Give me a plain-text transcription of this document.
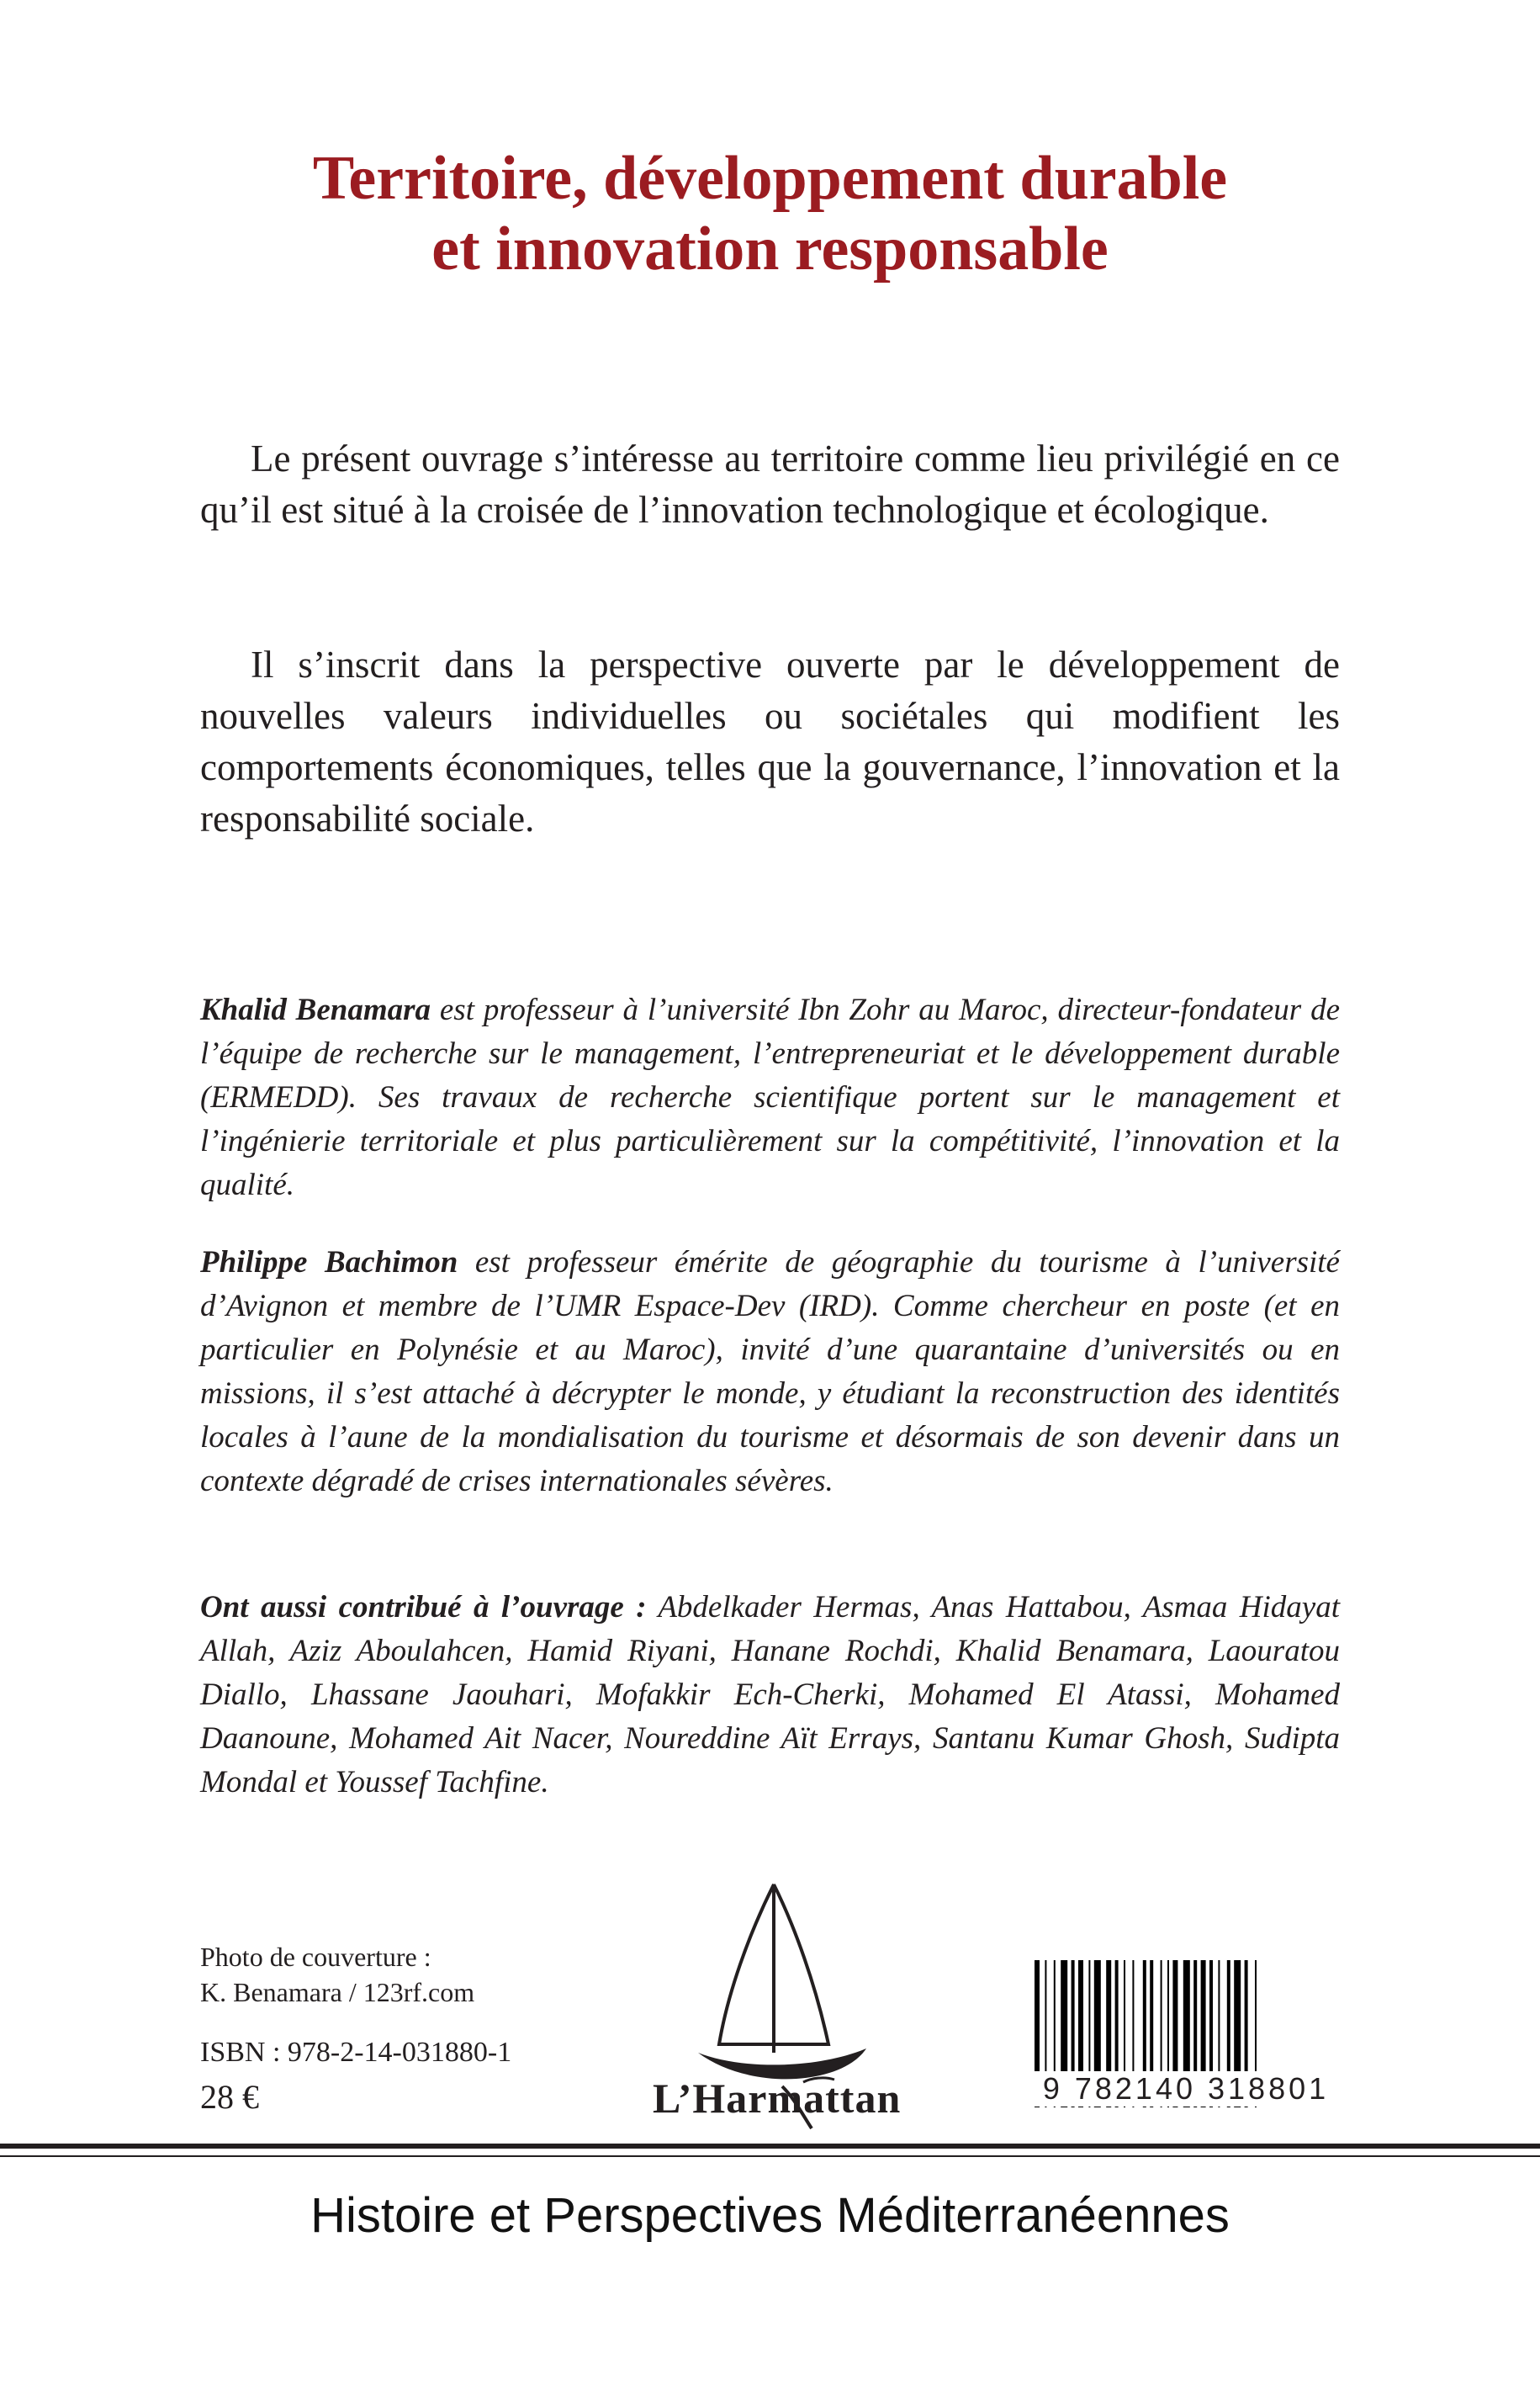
Territoire, développement durable
et innovation responsable

Le présent ouvrage s’intéresse au territoire comme lieu privilégié en ce qu’il est situé à la croisée de l’innovation technologique et écologique.

Il s’inscrit dans la perspective ouverte par le développement de nouvelles valeurs individuelles ou sociétales qui modifient les comportements économiques, telles que la gouvernance, l’innovation et la responsabilité sociale.

Khalid Benamara est professeur à l’université Ibn Zohr au Maroc, directeur-fondateur de l’équipe de recherche sur le management, l’entrepreneuriat et le développement durable (ERMEDD). Ses travaux de recherche scientifique portent sur le management et l’ingénierie territoriale et plus particulièrement sur la compétitivité, l’innovation et la qualité.

Philippe Bachimon est professeur émérite de géographie du tourisme à l’université d’Avignon et membre de l’UMR Espace-Dev (IRD). Comme chercheur en poste (et en particulier en Polynésie et au Maroc), invité d’une quarantaine d’universités ou en missions, il s’est attaché à décrypter le monde, y étudiant la reconstruction des identités locales à l’aune de la mondialisation du tourisme et désormais de son devenir dans un contexte dégradé de crises internationales sévères.

Ont aussi contribué à l’ouvrage : Abdelkader Hermas, Anas Hattabou, Asmaa Hidayat Allah, Aziz Aboulahcen, Hamid Riyani, Hanane Rochdi, Khalid Benamara, Laouratou Diallo, Lhassane Jaouhari, Mofakkir Ech-Cherki, Mohamed El Atassi, Mohamed Daanoune, Mohamed Ait Nacer, Noureddine Aït Errays, Santanu Kumar Ghosh, Sudipta Mondal et Youssef Tachfine.

Photo de couverture :
K. Benamara / 123rf.com

ISBN : 978-2-14-031880-1

28 €	L’Harmattan	9 782140 318801

Histoire et Perspectives Méditerranéennes
